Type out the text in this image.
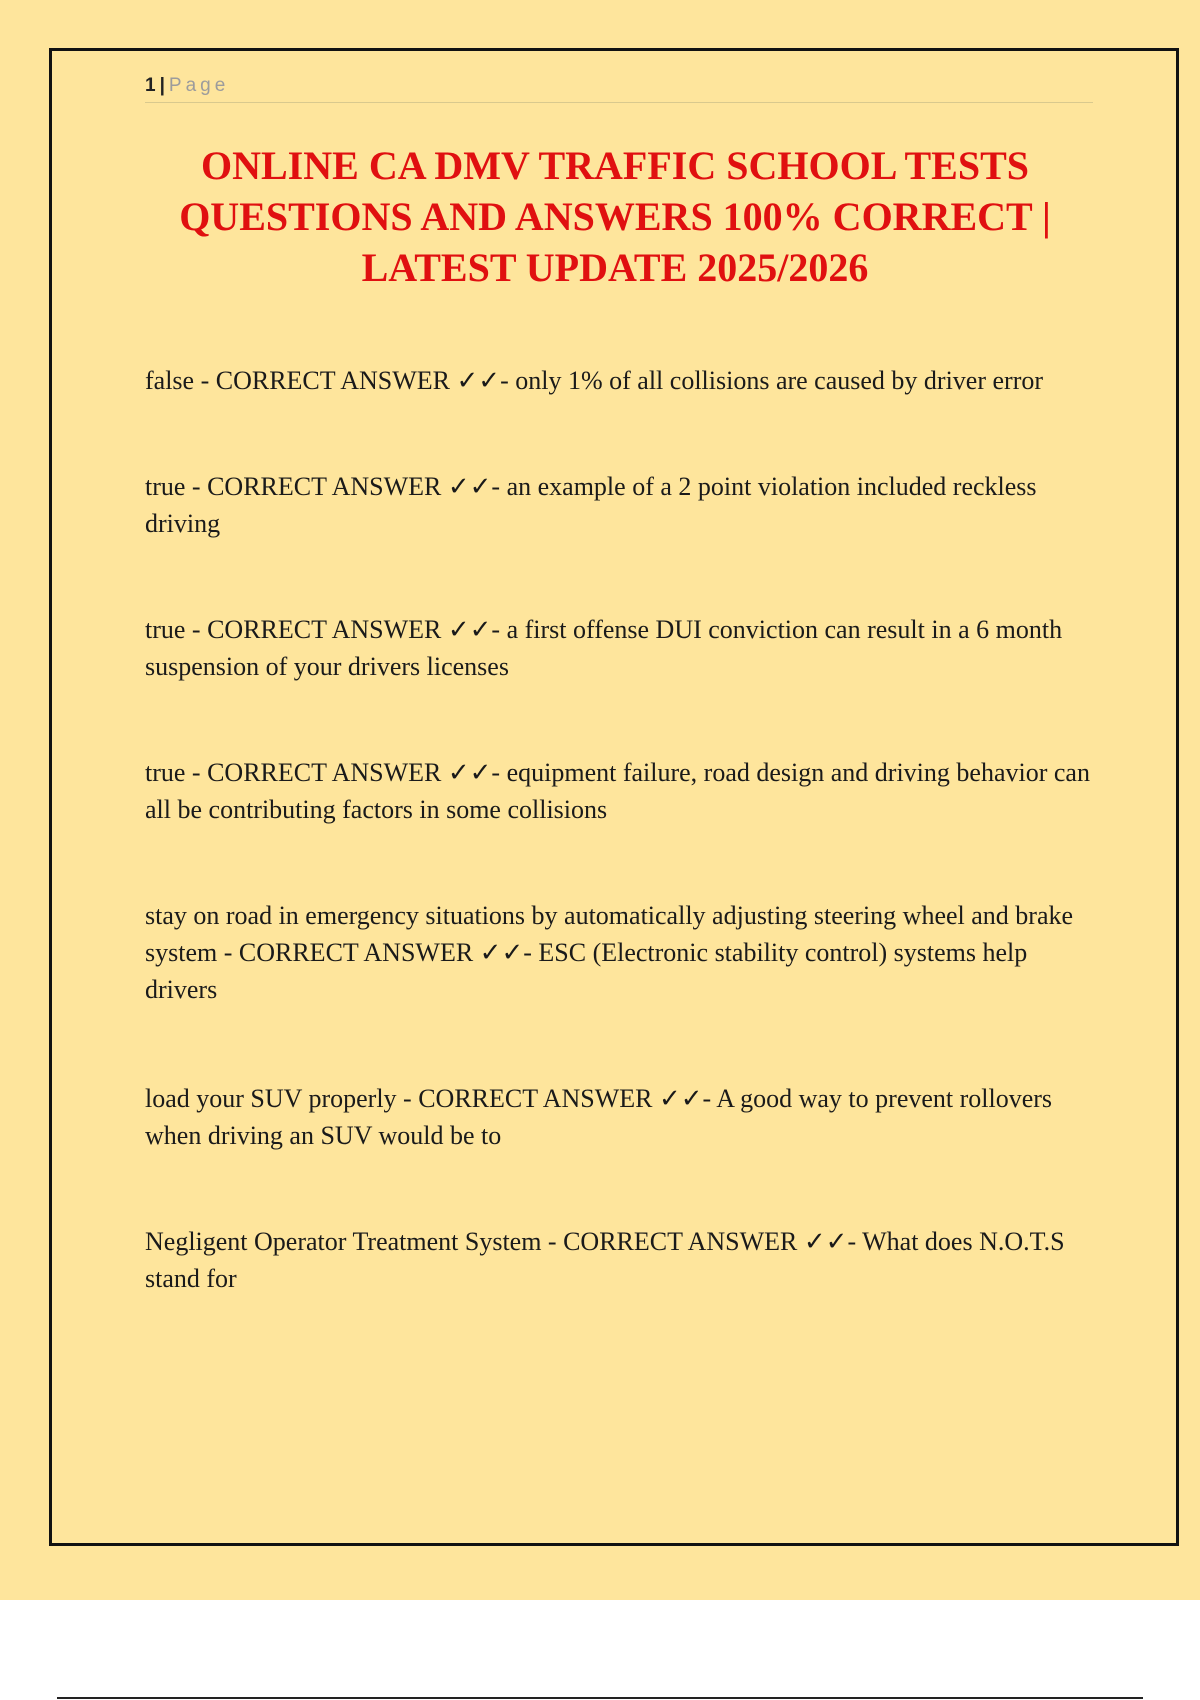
1 | Page
ONLINE CA DMV TRAFFIC SCHOOL TESTS QUESTIONS AND ANSWERS 100% CORRECT | LATEST UPDATE 2025/2026

false - CORRECT ANSWER ✓✓- only 1% of all collisions are caused by driver error

true - CORRECT ANSWER ✓✓- an example of a 2 point violation included reckless driving

true - CORRECT ANSWER ✓✓- a first offense DUI conviction can result in a 6 month suspension of your drivers licenses

true - CORRECT ANSWER ✓✓- equipment failure, road design and driving behavior can all be contributing factors in some collisions

stay on road in emergency situations by automatically adjusting steering wheel and brake system - CORRECT ANSWER ✓✓- ESC (Electronic stability control) systems help drivers

load your SUV properly - CORRECT ANSWER ✓✓- A good way to prevent rollovers when driving an SUV would be to

Negligent Operator Treatment System - CORRECT ANSWER ✓✓- What does N.O.T.S stand for
